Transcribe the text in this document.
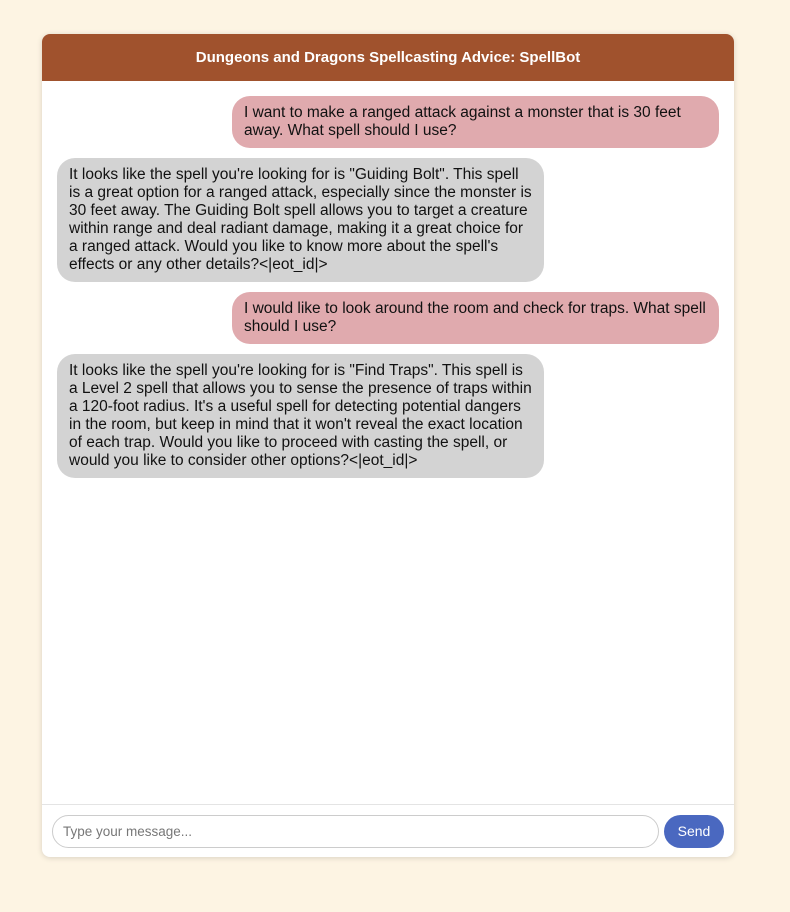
Dungeons and Dragons Spellcasting Advice: SpellBot
I want to make a ranged attack against a monster that is 30 feet away. What spell should I use?
It looks like the spell you're looking for is "Guiding Bolt". This spell is a great option for a ranged attack, especially since the monster is 30 feet away. The Guiding Bolt spell allows you to target a creature within range and deal radiant damage, making it a great choice for a ranged attack. Would you like to know more about the spell's effects or any other details?<|eot_id|>
I would like to look around the room and check for traps. What spell should I use?
It looks like the spell you're looking for is "Find Traps". This spell is a Level 2 spell that allows you to sense the presence of traps within a 120-foot radius. It's a useful spell for detecting potential dangers in the room, but keep in mind that it won't reveal the exact location of each trap. Would you like to proceed with casting the spell, or would you like to consider other options?<|eot_id|>
Type your message...
Send
